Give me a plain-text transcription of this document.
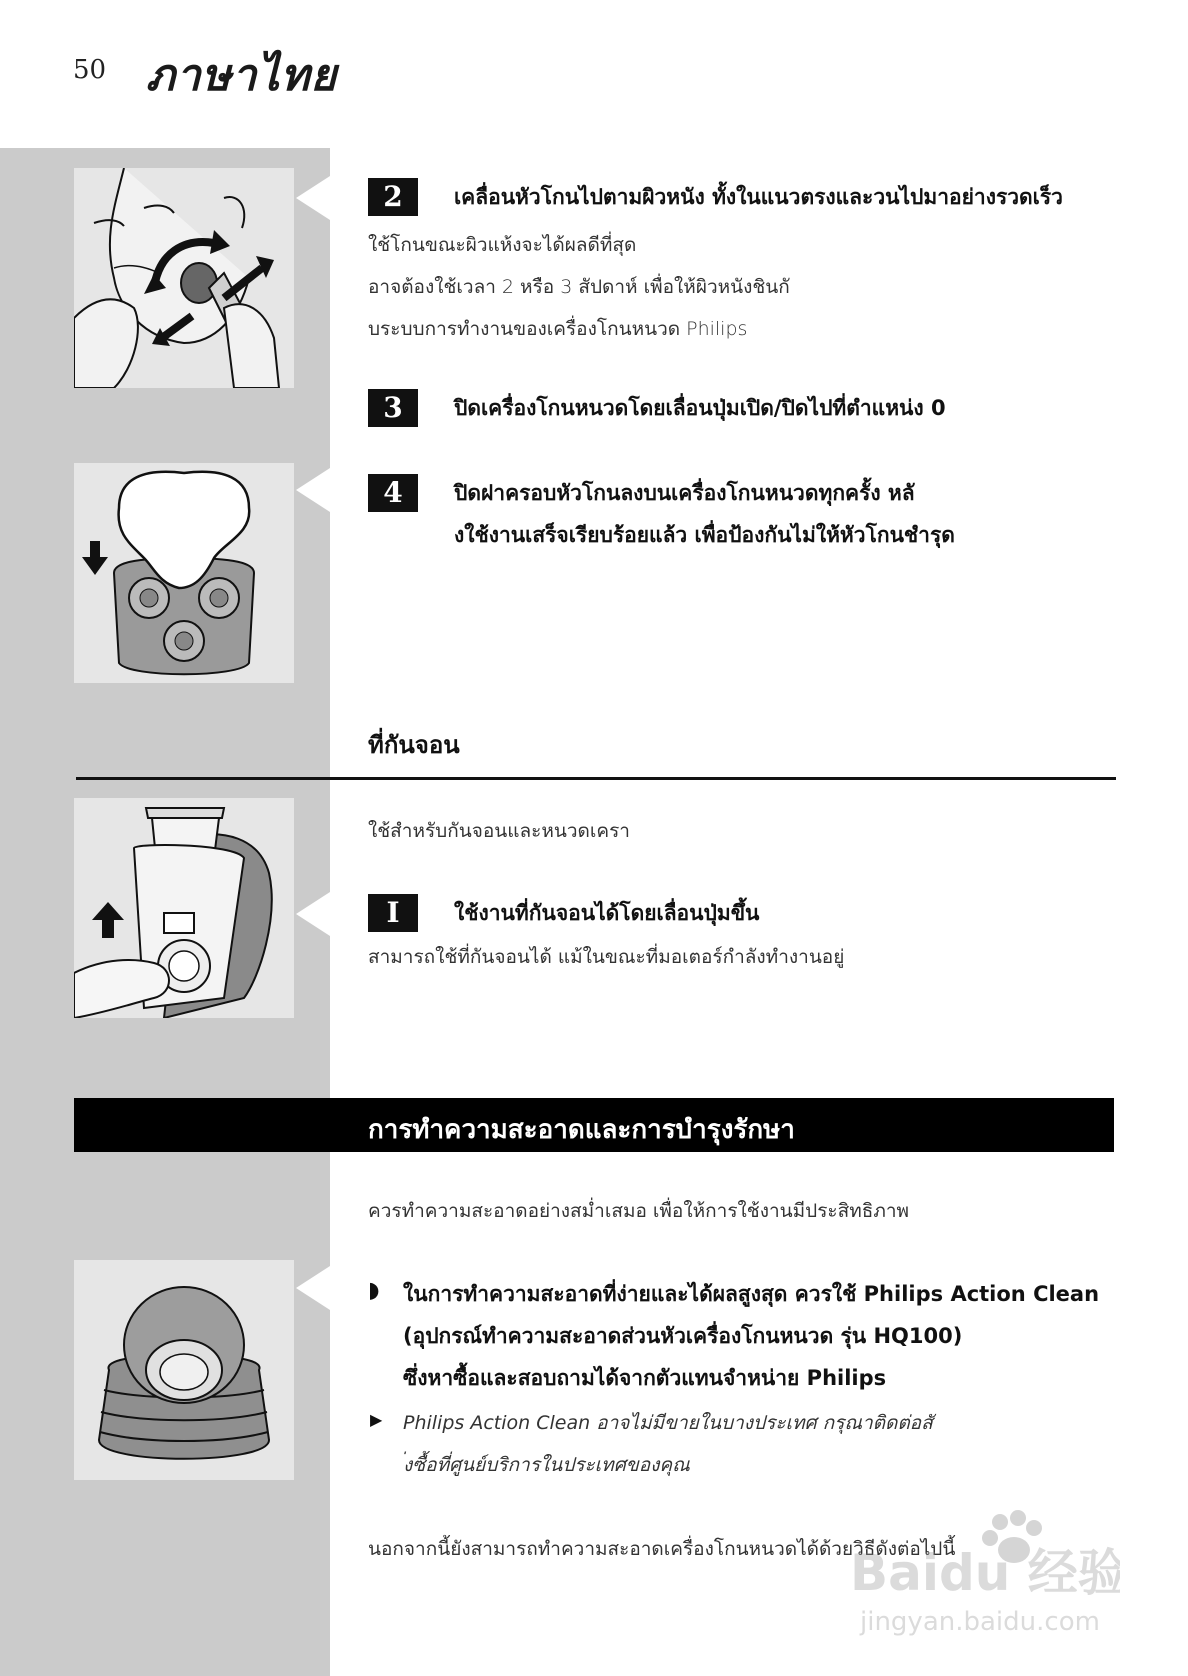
50 ภาษาไทย
2	เคลื่อนหัวโกนไปตามผิวหนัง ทั้งในแนวตรงและวนไปมาอย่างรวดเร็ว
ใช้โกนขณะผิวแห้งจะได้ผลดีที่สุด
อาจต้องใช้เวลา 2 หรือ 3 สัปดาห์ เพื่อให้ผิวหนังชินกั
บระบบการทำงานของเครื่องโกนหนวด Philips
3	ปิดเครื่องโกนหนวดโดยเลื่อนปุ่มเปิด/ปิดไปที่ตำแหน่ง 0
4	ปิดฝาครอบหัวโกนลงบนเครื่องโกนหนวดทุกครั้ง หลั
งใช้งานเสร็จเรียบร้อยแล้ว เพื่อป้องกันไม่ให้หัวโกนชำรุด
ที่กันจอน
ใช้สำหรับกันจอนและหนวดเครา
I	ใช้งานที่กันจอนได้โดยเลื่อนปุ่มขึ้น
สามารถใช้ที่กันจอนได้ แม้ในขณะที่มอเตอร์กำลังทำงานอยู่
การทำความสะอาดและการบำรุงรักษา
ควรทำความสะอาดอย่างสม่ำเสมอ เพื่อให้การใช้งานมีประสิทธิภาพ
◗ ในการทำความสะอาดที่ง่ายและได้ผลสูงสุด ควรใช้ Philips Action Clean
(อุปกรณ์ทำความสะอาดส่วนหัวเครื่องโกนหนวด รุ่น HQ100)
ซึ่งหาซื้อและสอบถามได้จากตัวแทนจำหน่าย Philips
▶ Philips Action Clean อาจไม่มีขายในบางประเทศ กรุณาติดต่อสั
่งซื้อที่ศูนย์บริการในประเทศของคุณ
นอกจากนี้ยังสามารถทำความสะอาดเครื่องโกนหนวดได้ด้วยวิธีดังต่อไปนี้
Baidu 经验
jingyan.baidu.com
